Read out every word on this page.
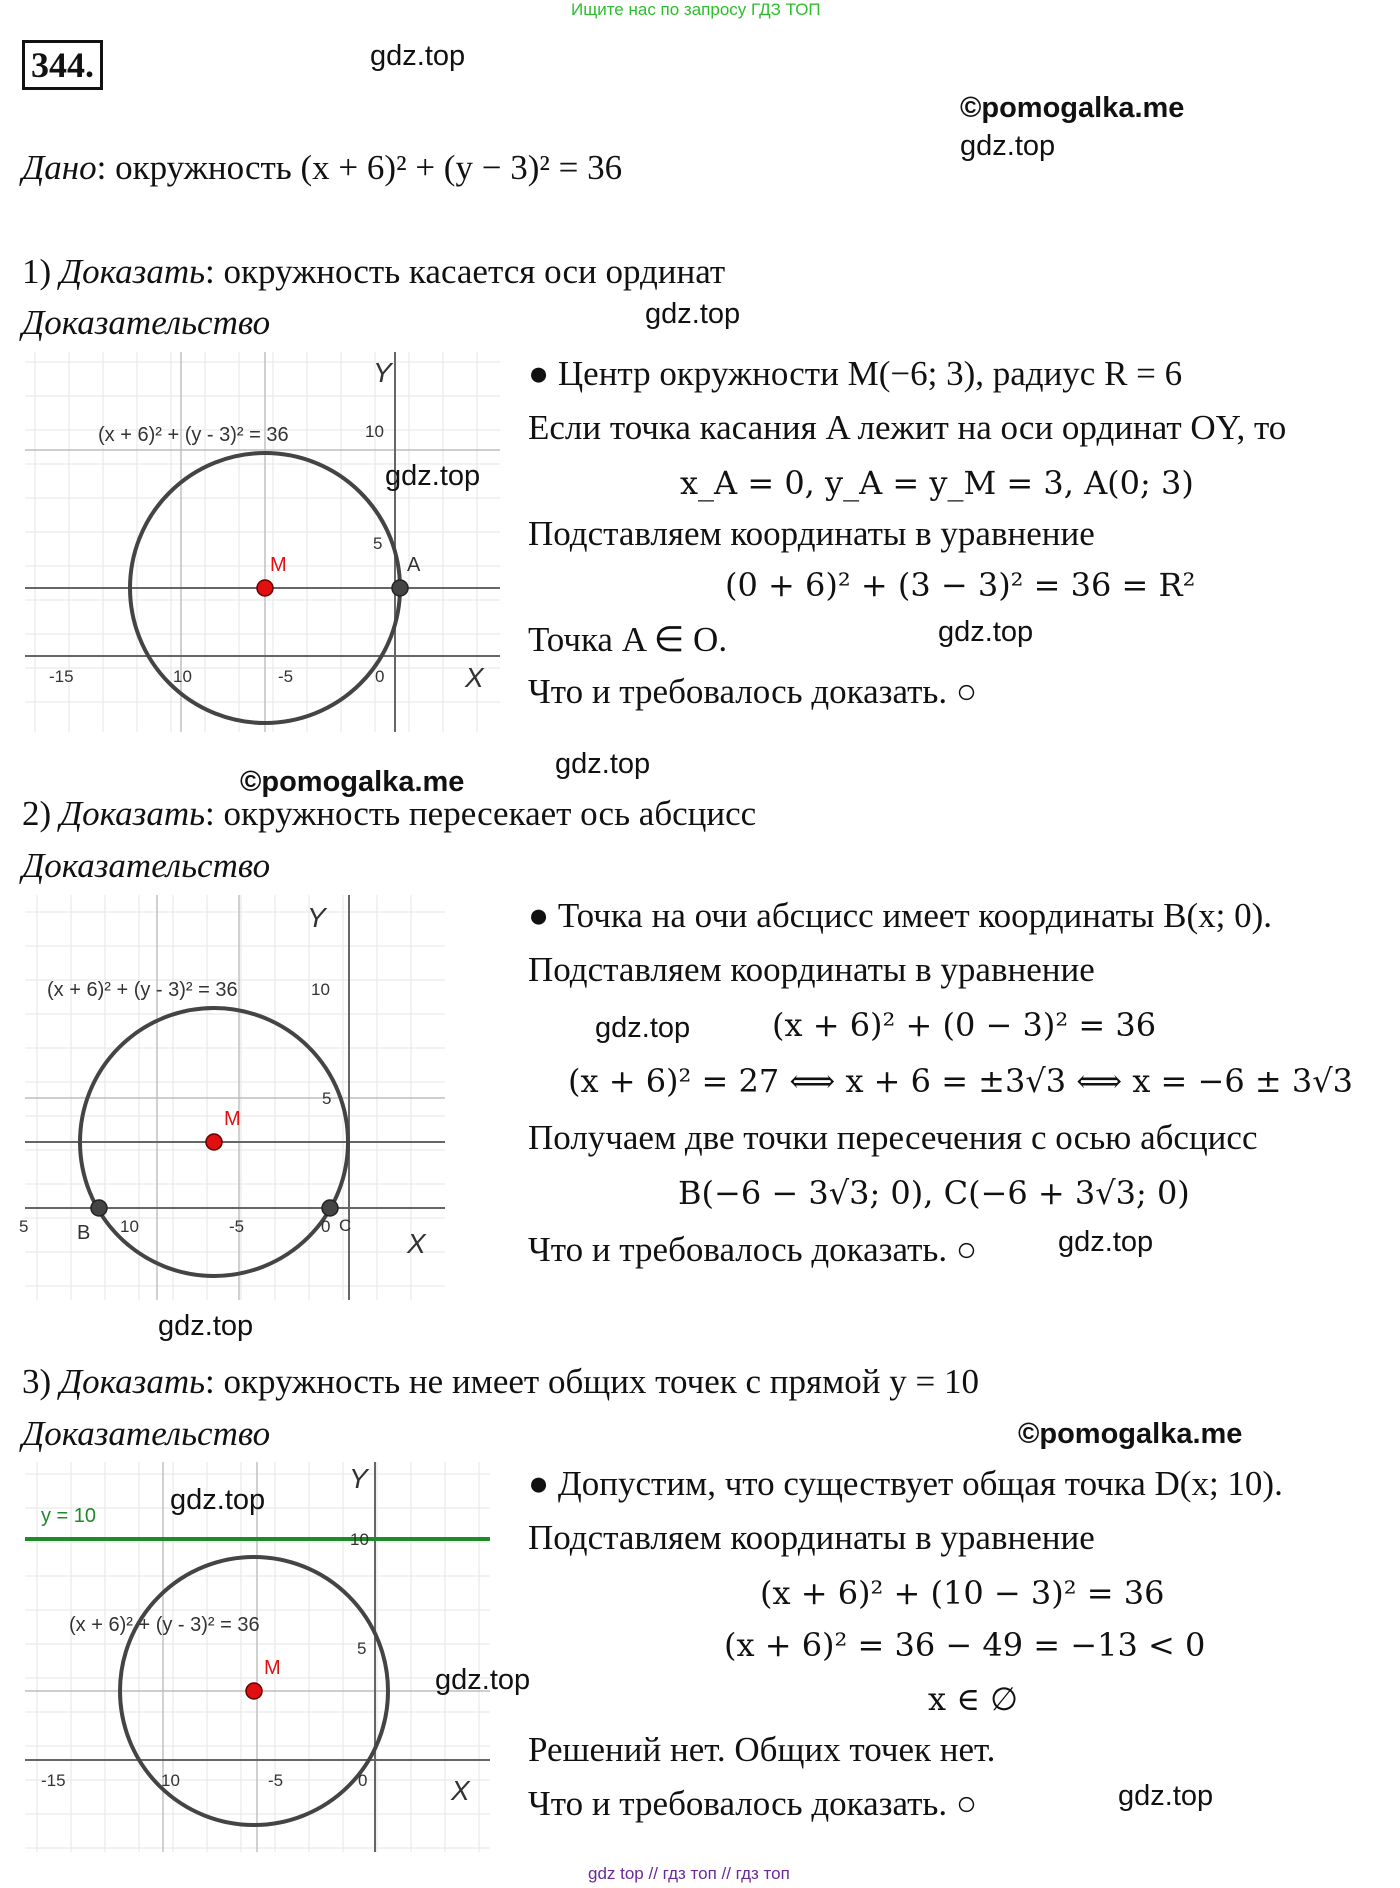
Ищите нас по запросу ГДЗ ТОП
344.	gdz.top
©pomogalka.me
gdz.top
Дано: окружность (x + 6)² + (y − 3)² = 36
1) Доказать: окружность касается оси ординат
Доказательство	gdz.top
(x + 6)² + (y - 3)² = 36
M	A
Y
X
10
5
-15	10	-5	0
gdz.top
● Центр окружности M(−6; 3), радиус R = 6
Если точка касания A лежит на оси ординат OY, то
x_A = 0, y_A = y_M = 3, A(0; 3)
Подставляем координаты в уравнение
(0 + 6)² + (3 − 3)² = 36 = R²
Точка A ∈ O.	gdz.top
Что и требовалось доказать. ○
©pomogalka.me
gdz.top
2) Доказать: окружность пересекает ось абсцисс
Доказательство
(x + 6)² + (y - 3)² = 36
M
B	C
Y
X
10
5
5	10	-5	0
● Точка на очи абсцисс имеет координаты B(x; 0).
Подставляем координаты в уравнение
gdz.top	(x + 6)² + (0 − 3)² = 36
(x + 6)² = 27 ⟺ x + 6 = ±3√3 ⟺ x = −6 ± 3√3
Получаем две точки пересечения с осью абсцисс
B(−6 − 3√3; 0), C(−6 + 3√3; 0)
Что и требовалось доказать. ○	gdz.top
gdz.top
3) Доказать: окружность не имеет общих точек с прямой y = 10
Доказательство	©pomogalka.me
y = 10
(x + 6)² + (y - 3)² = 36
M
Y
X
10
5
-15	10	-5	0
gdz.top
gdz.top
● Допустим, что существует общая точка D(x; 10).
Подставляем координаты в уравнение
(x + 6)² + (10 − 3)² = 36
(x + 6)² = 36 − 49 = −13 < 0
x ∈ ∅
Решений нет. Общих точек нет.
Что и требовалось доказать. ○	gdz.top
gdz top // гдз топ // гдз топ
